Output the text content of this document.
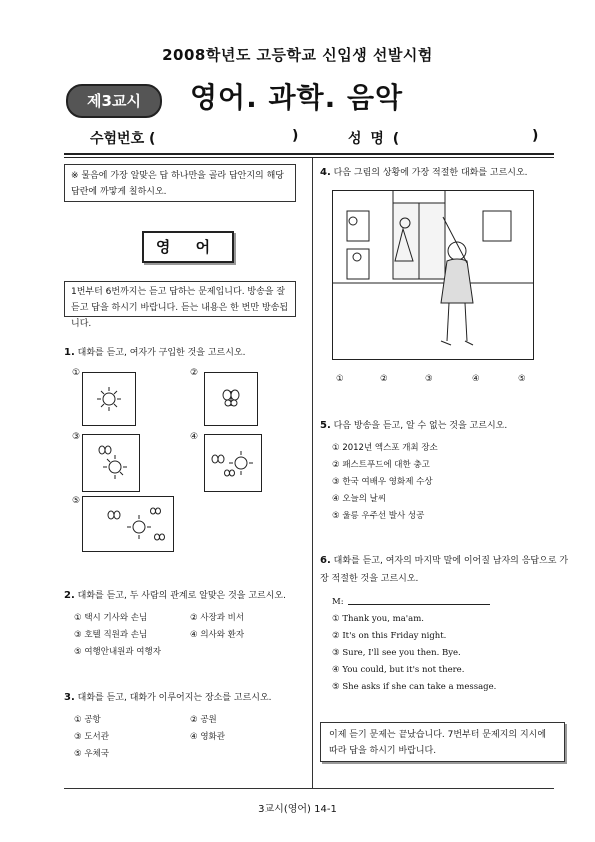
2008학년도 고등학교 신입생 선발시험
제3교시	영어. 과학. 음악
수험번호 (	)	성 명 (	)
※ 물음에 가장 알맞은 답 하나만을 골라 답안지의 해당 답란에 까맣게 칠하시오.
영 어
1번부터 6번까지는 듣고 답하는 문제입니다. 방송을 잘 듣고 답을 하시기 바랍니다. 듣는 내용은 한 번만 방송됩니다.
1. 대화를 듣고, 여자가 구입한 것을 고르시오.
①	②
③	④
⑤
2. 대화를 듣고, 두 사람의 관계로 알맞은 것을 고르시오.
① 택시 기사와 손님	② 사장과 비서
③ 호텔 직원과 손님	④ 의사와 환자
⑤ 여행안내원과 여행자
3. 대화를 듣고, 대화가 이루어지는 장소를 고르시오.
① 공항	② 공원
③ 도서관	④ 영화관
⑤ 우체국
4. 다음 그림의 상황에 가장 적절한 대화를 고르시오.
①	②	③	④	⑤
5. 다음 방송을 듣고, 알 수 없는 것을 고르시오.
① 2012년 엑스포 개최 장소
② 패스트푸드에 대한 충고
③ 한국 여배우 영화제 수상
④ 오늘의 날씨
⑤ 울릉 우주선 발사 성공
6. 대화를 듣고, 여자의 마지막 말에 이어질 남자의 응답으로 가장 적절한 것을 고르시오.
M:
① Thank you, ma'am.
② It's on this Friday night.
③ Sure, I'll see you then. Bye.
④ You could, but it's not there.
⑤ She asks if she can take a message.
이제 듣기 문제는 끝났습니다. 7번부터 문제지의 지시에 따라 답을 하시기 바랍니다.
3교시(영어) 14-1
